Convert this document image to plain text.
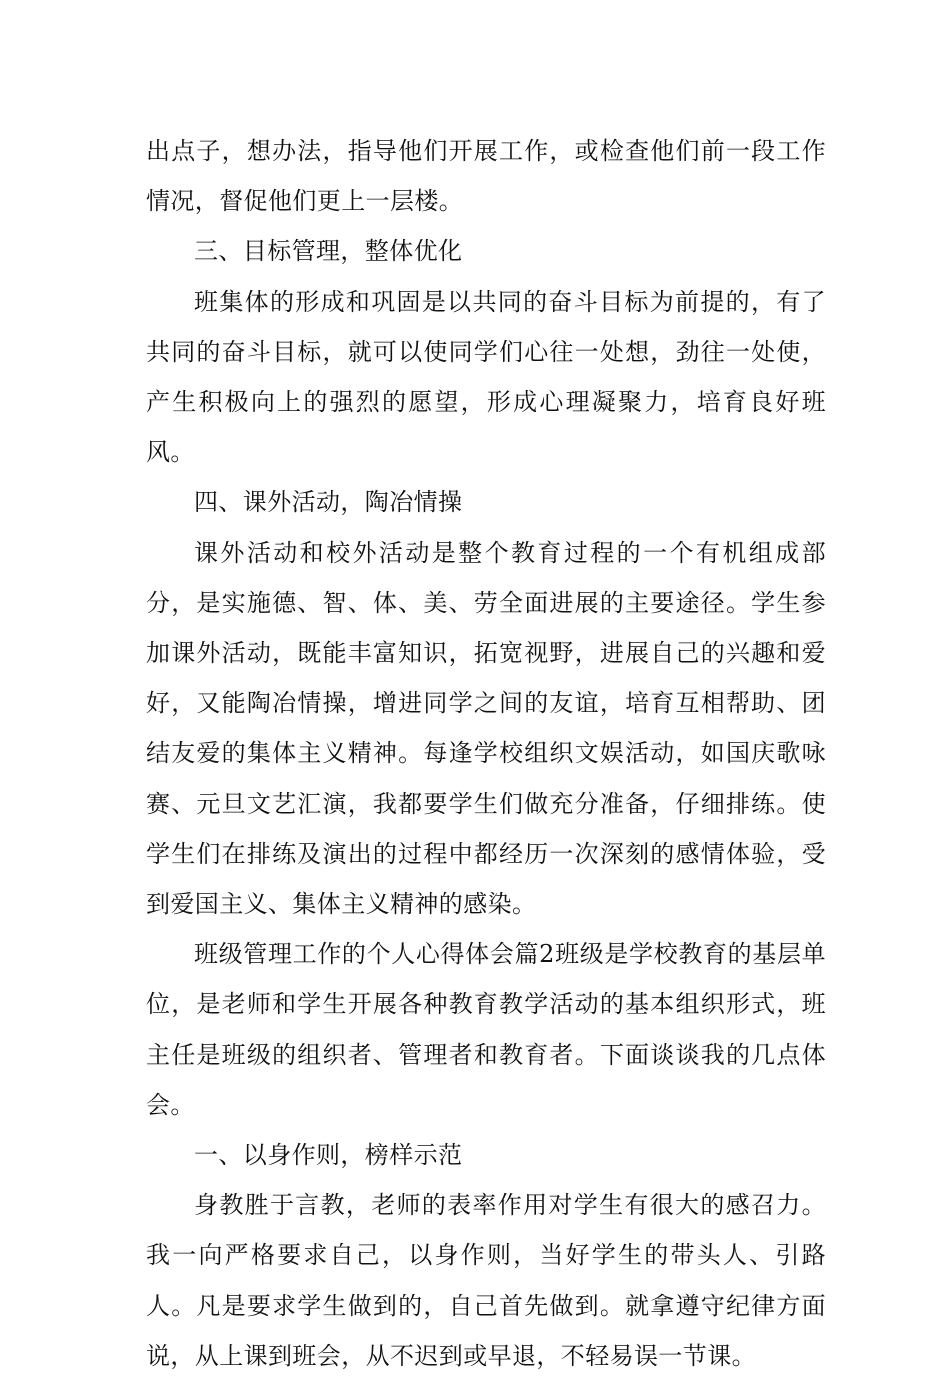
出点子，想办法，指导他们开展工作，或检查他们前一段工作情况，督促他们更上一层楼。

三、目标管理，整体优化

班集体的形成和巩固是以共同的奋斗目标为前提的，有了共同的奋斗目标，就可以使同学们心往一处想，劲往一处使，产生积极向上的强烈的愿望，形成心理凝聚力，培育良好班风。

四、课外活动，陶冶情操

课外活动和校外活动是整个教育过程的一个有机组成部分，是实施德、智、体、美、劳全面进展的主要途径。学生参加课外活动，既能丰富知识，拓宽视野，进展自己的兴趣和爱好，又能陶冶情操，增进同学之间的友谊，培育互相帮助、团结友爱的集体主义精神。每逢学校组织文娱活动，如国庆歌咏赛、元旦文艺汇演，我都要学生们做充分准备，仔细排练。使学生们在排练及演出的过程中都经历一次深刻的感情体验，受到爱国主义、集体主义精神的感染。

班级管理工作的个人心得体会篇2班级是学校教育的基层单位，是老师和学生开展各种教育教学活动的基本组织形式，班主任是班级的组织者、管理者和教育者。下面谈谈我的几点体会。

一、以身作则，榜样示范

身教胜于言教，老师的表率作用对学生有很大的感召力。我一向严格要求自己，以身作则，当好学生的带头人、引路人。凡是要求学生做到的，自己首先做到。就拿遵守纪律方面说，从上课到班会，从不迟到或早退，不轻易误一节课。
